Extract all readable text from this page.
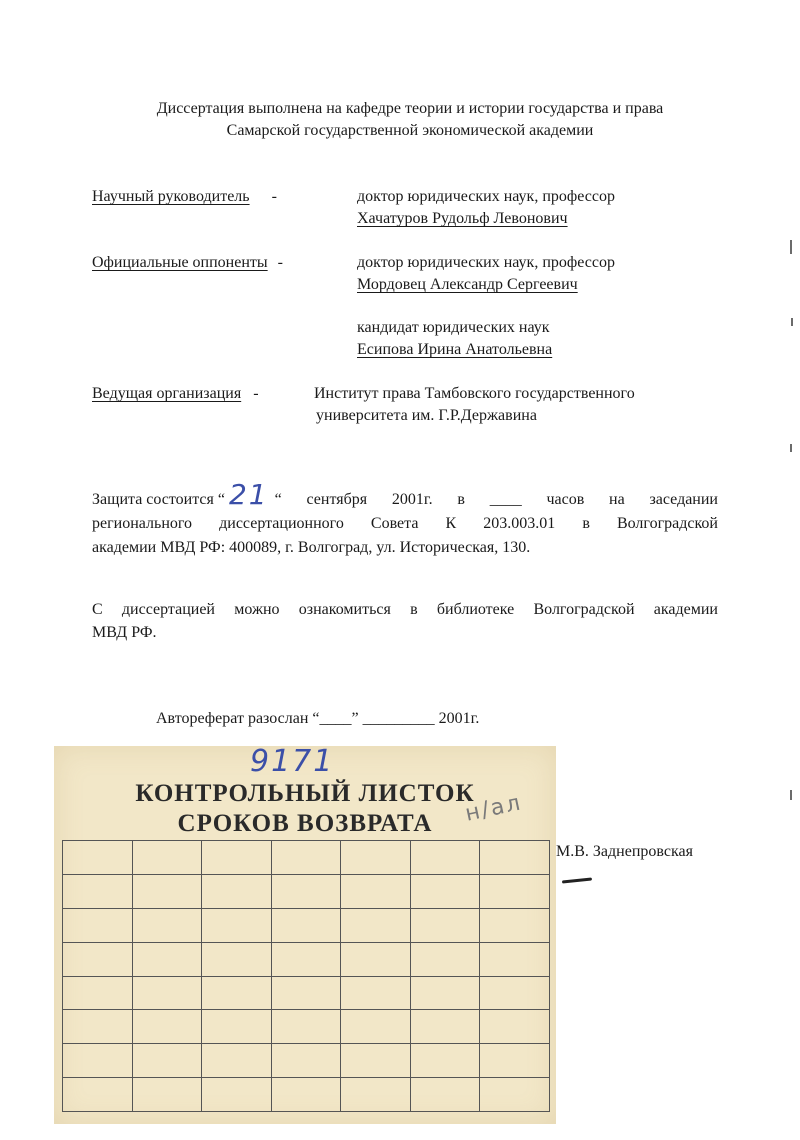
Диссертация выполнена на кафедре теории и истории государства и права
Самарской государственной экономической академии
Научный руководитель -	доктор юридических наук, профессор
Хачатуров Рудольф Левонович
Официальные оппоненты -	доктор юридических наук, профессор
Мордовец Александр Сергеевич
кандидат юридических наук
Есипова Ирина Анатольевна
Ведущая организация -	Институт права Тамбовского государственного
университета им. Г.Р.Державина
Защита состоится “ 21 “ сентября 2001г. в ____ часов на заседании
регионального диссертационного Совета К 203.003.01 в Волгоградской
академии МВД РФ: 400089, г. Волгоград, ул. Историческая, 130.
С диссертацией можно ознакомиться в библиотеке Волгоградской академии
МВД РФ.
Автореферат разослан “____” _________ 2001г.
9171
КОНТРОЛЬНЫЙ ЛИСТОК
СРОКОВ ВОЗВРАТА

							н/ал
М.В. Заднепровская
